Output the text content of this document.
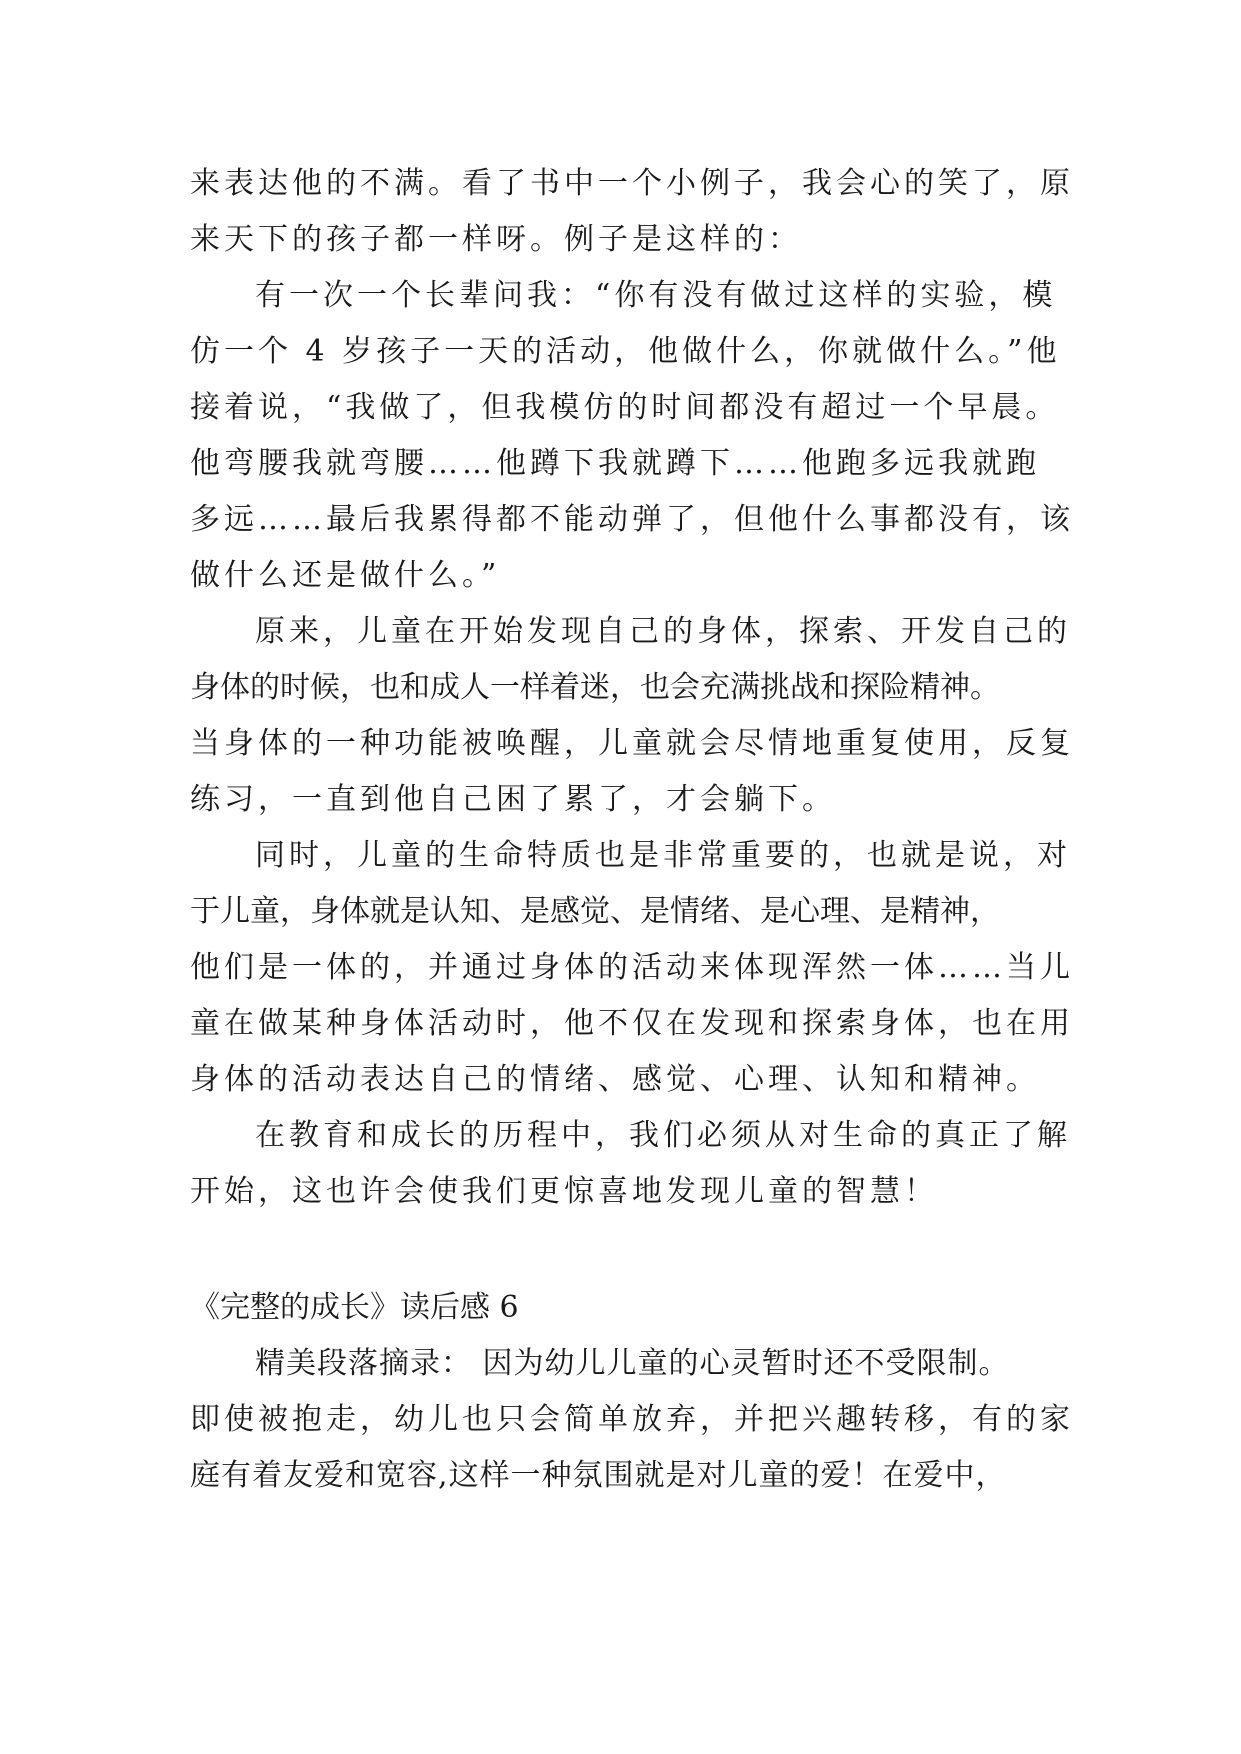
来表达他的不满。看了书中一个小例子，我会心的笑了，原
来天下的孩子都一样呀。例子是这样的：
有一次一个长辈问我：“你有没有做过这样的实验，模
仿一个 4 岁孩子一天的活动，他做什么，你就做什么。”他
接着说，“我做了，但我模仿的时间都没有超过一个早晨。
他弯腰我就弯腰……他蹲下我就蹲下……他跑多远我就跑
多远……最后我累得都不能动弹了，但他什么事都没有，该
做什么还是做什么。”
原来，儿童在开始发现自己的身体，探索、开发自己的
身体的时候，也和成人一样着迷，也会充满挑战和探险精神。
当身体的一种功能被唤醒，儿童就会尽情地重复使用，反复
练习，一直到他自己困了累了，才会躺下。
同时，儿童的生命特质也是非常重要的，也就是说，对
于儿童，身体就是认知、是感觉、是情绪、是心理、是精神，
他们是一体的，并通过身体的活动来体现浑然一体……当儿
童在做某种身体活动时，他不仅在发现和探索身体，也在用
身体的活动表达自己的情绪、感觉、心理、认知和精神。
在教育和成长的历程中，我们必须从对生命的真正了解
开始，这也许会使我们更惊喜地发现儿童的智慧！
《完整的成长》读后感 6
精美段落摘录： 因为幼儿儿童的心灵暂时还不受限制。
即使被抱走，幼儿也只会简单放弃，并把兴趣转移，有的家
庭有着友爱和宽容,这样一种氛围就是对儿童的爱！在爱中，
